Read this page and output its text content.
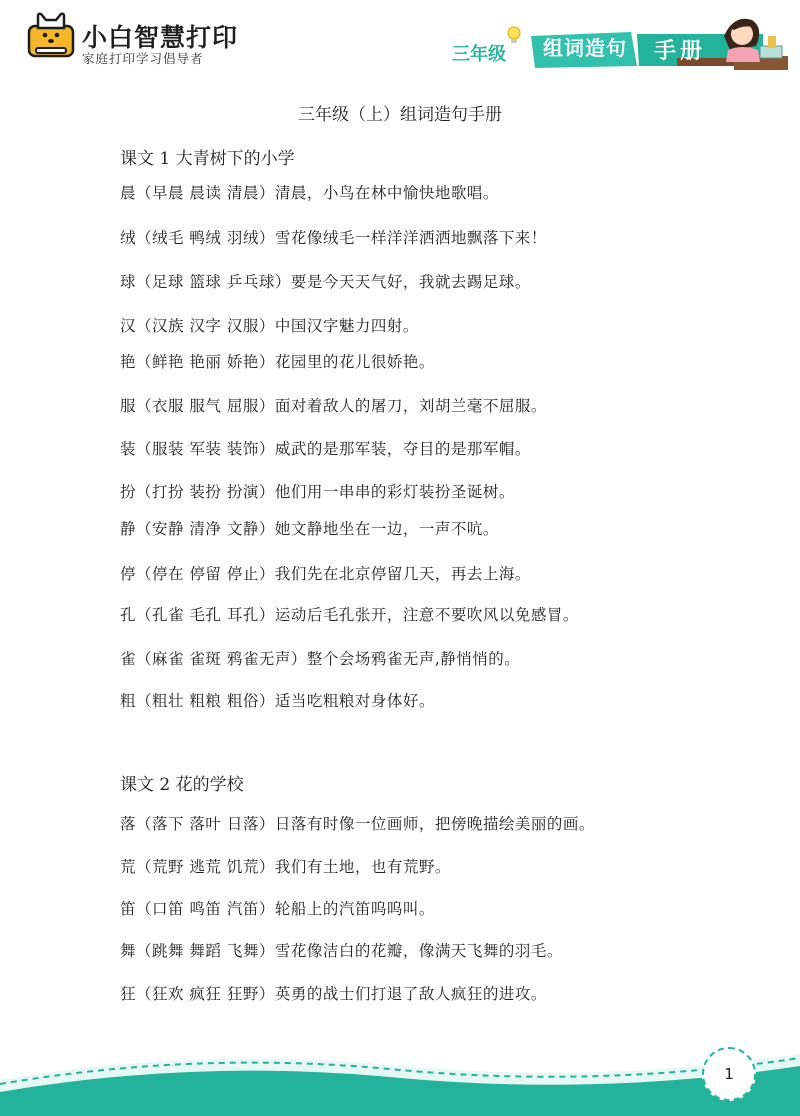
小白智慧打印
家庭打印学习倡导者	三年级 组词造句 手册
三年级（上）组词造句手册
课文 1 大青树下的小学
晨（早晨 晨读 清晨）清晨，小鸟在林中愉快地歌唱。
绒（绒毛 鸭绒 羽绒）雪花像绒毛一样洋洋洒洒地飘落下来！
球（足球 篮球 乒乓球）要是今天天气好，我就去踢足球。
汉（汉族 汉字 汉服）中国汉字魅力四射。
艳（鲜艳 艳丽 娇艳）花园里的花儿很娇艳。
服（衣服 服气 屈服）面对着敌人的屠刀，刘胡兰毫不屈服。
装（服装 军装 装饰）威武的是那军装，夺目的是那军帽。
扮（打扮 装扮 扮演）他们用一串串的彩灯装扮圣诞树。
静（安静 清净 文静）她文静地坐在一边，一声不吭。
停（停在 停留 停止）我们先在北京停留几天，再去上海。
孔（孔雀 毛孔 耳孔）运动后毛孔张开，注意不要吹风以免感冒。
雀（麻雀 雀斑 鸦雀无声）整个会场鸦雀无声,静悄悄的。
粗（粗壮 粗粮 粗俗）适当吃粗粮对身体好。
课文 2 花的学校
落（落下 落叶 日落）日落有时像一位画师，把傍晚描绘美丽的画。
荒（荒野 逃荒 饥荒）我们有土地，也有荒野。
笛（口笛 鸣笛 汽笛）轮船上的汽笛呜呜叫。
舞（跳舞 舞蹈 飞舞）雪花像洁白的花瓣，像满天飞舞的羽毛。
狂（狂欢 疯狂 狂野）英勇的战士们打退了敌人疯狂的进攻。
1
